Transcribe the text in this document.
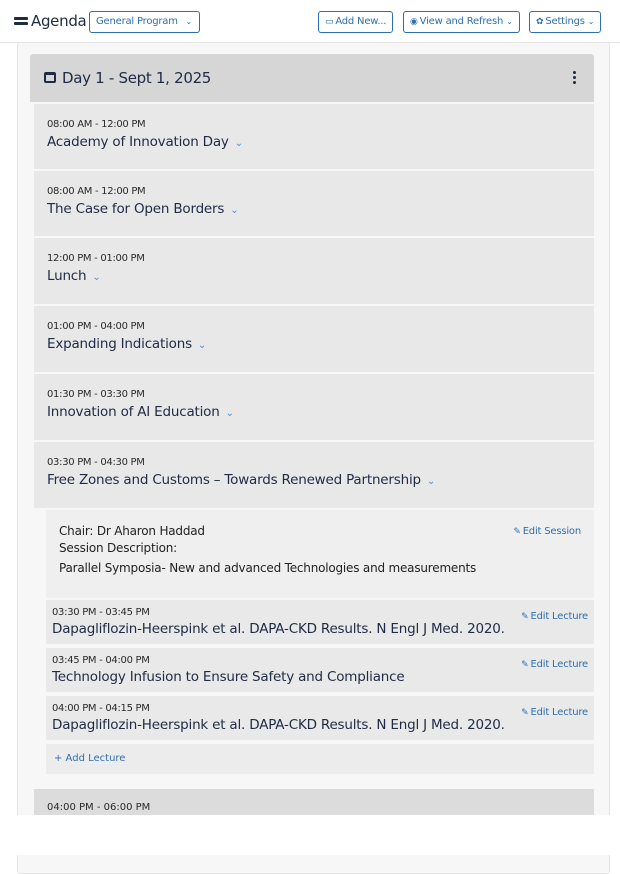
Agenda General Program ⌄	▭ Add New...	◉ View and Refresh ⌄	✿ Settings ⌄
Day 1 - Sept 1, 2025
08:00 AM - 12:00 PM
Academy of Innovation Day ⌄
08:00 AM - 12:00 PM
The Case for Open Borders ⌄
12:00 PM - 01:00 PM
Lunch ⌄
01:00 PM - 04:00 PM
Expanding Indications ⌄
01:30 PM - 03:30 PM
Innovation of AI Education ⌄
03:30 PM - 04:30 PM
Free Zones and Customs – Towards Renewed Partnership ⌄
Chair: Dr Aharon Haddad
Session Description:
Parallel Symposia- New and advanced Technologies and measurements
✎ Edit Session
03:30 PM - 03:45 PM
Dapagliflozin-Heerspink et al. DAPA-CKD Results. N Engl J Med. 2020.
✎ Edit Lecture
03:45 PM - 04:00 PM
Technology Infusion to Ensure Safety and Compliance
✎ Edit Lecture
04:00 PM - 04:15 PM
Dapagliflozin-Heerspink et al. DAPA-CKD Results. N Engl J Med. 2020.
✎ Edit Lecture
+ Add Lecture
04:00 PM - 06:00 PM
